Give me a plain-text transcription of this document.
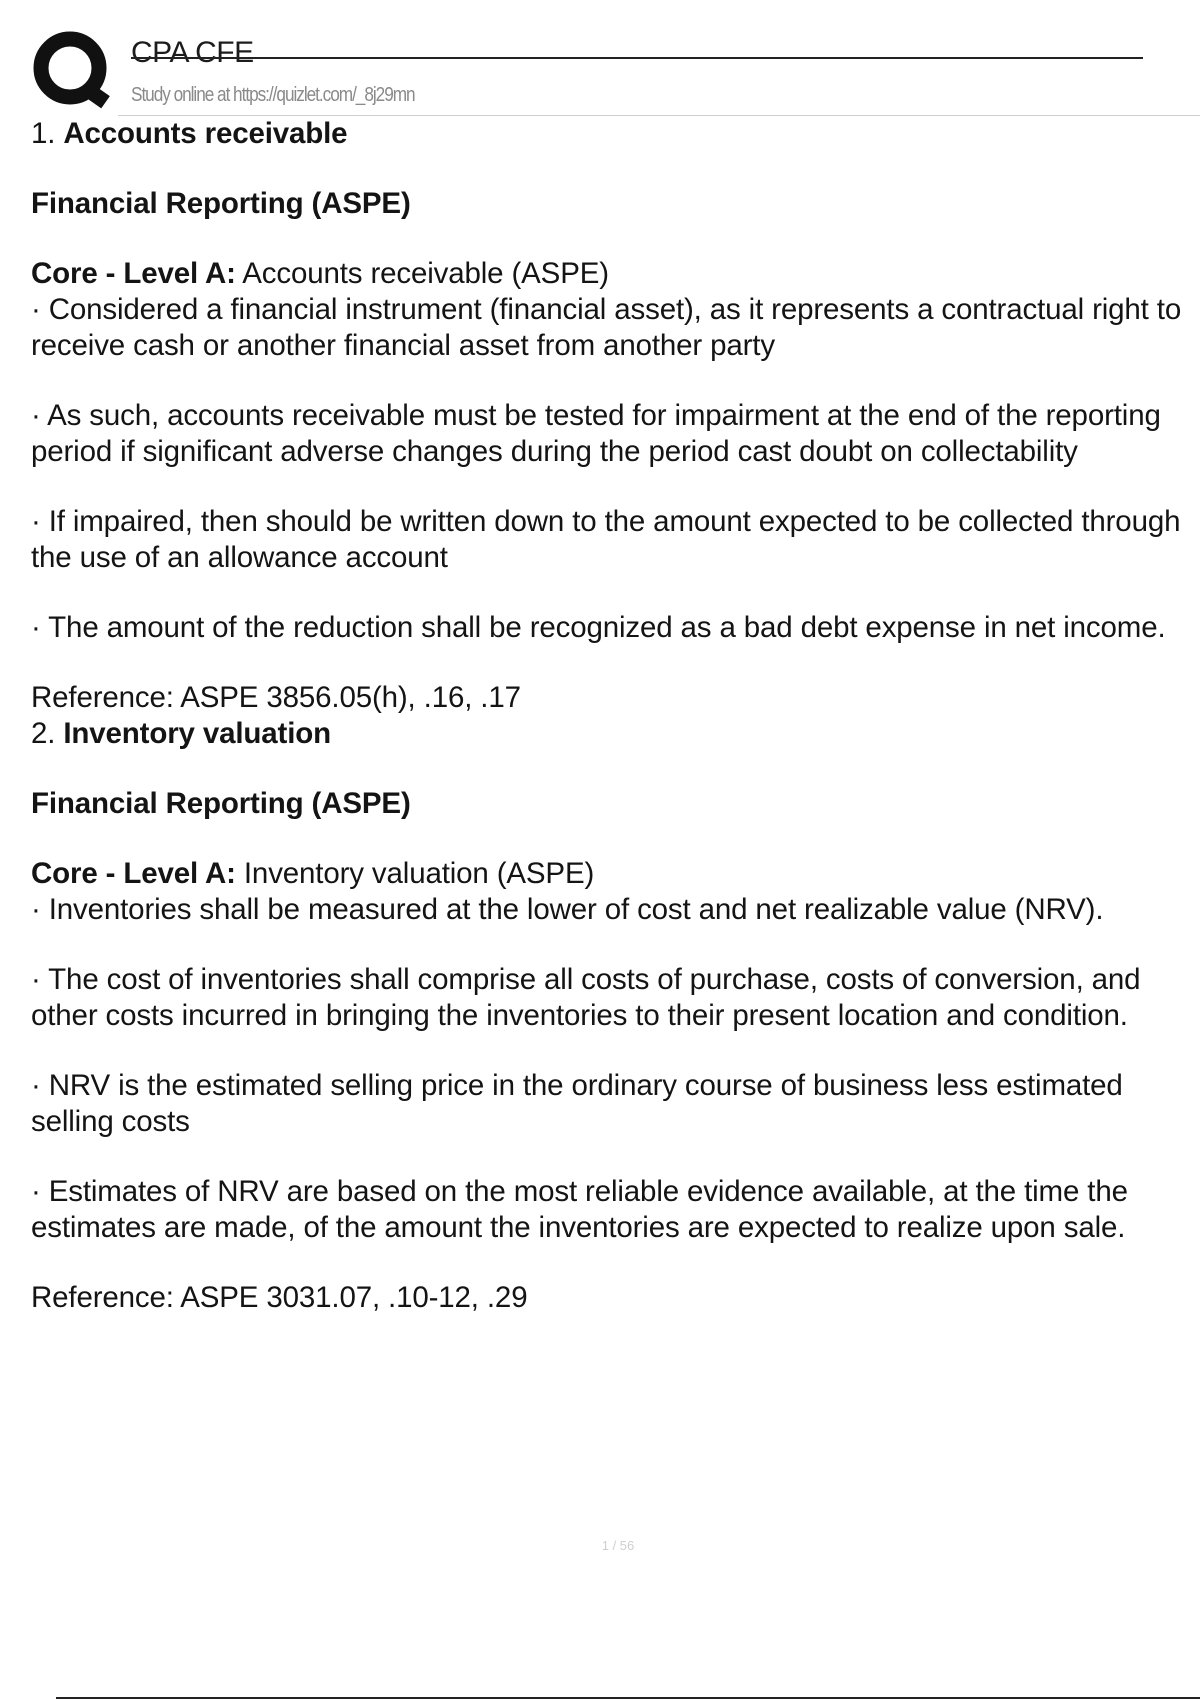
CPA CFE
Study online at https://quizlet.com/_8j29mn

1. Accounts receivable

Financial Reporting (ASPE)

Core - Level A: Accounts receivable (ASPE)

· Considered a financial instrument (financial asset), as it represents a contractual right to receive cash or another financial asset from another party

· As such, accounts receivable must be tested for impairment at the end of the reporting period if significant adverse changes during the period cast doubt on collectability

· If impaired, then should be written down to the amount expected to be collected through the use of an allowance account

· The amount of the reduction shall be recognized as a bad debt expense in net income.

Reference: ASPE 3856.05(h), .16, .17

2. Inventory valuation

Financial Reporting (ASPE)

Core - Level A: Inventory valuation (ASPE)

· Inventories shall be measured at the lower of cost and net realizable value (NRV).

· The cost of inventories shall comprise all costs of purchase, costs of conversion, and other costs incurred in bringing the inventories to their present location and condition.

· NRV is the estimated selling price in the ordinary course of business less estimated selling costs

· Estimates of NRV are based on the most reliable evidence available, at the time the estimates are made, of the amount the inventories are expected to realize upon sale.

Reference: ASPE 3031.07, .10-12, .29

1 / 56
